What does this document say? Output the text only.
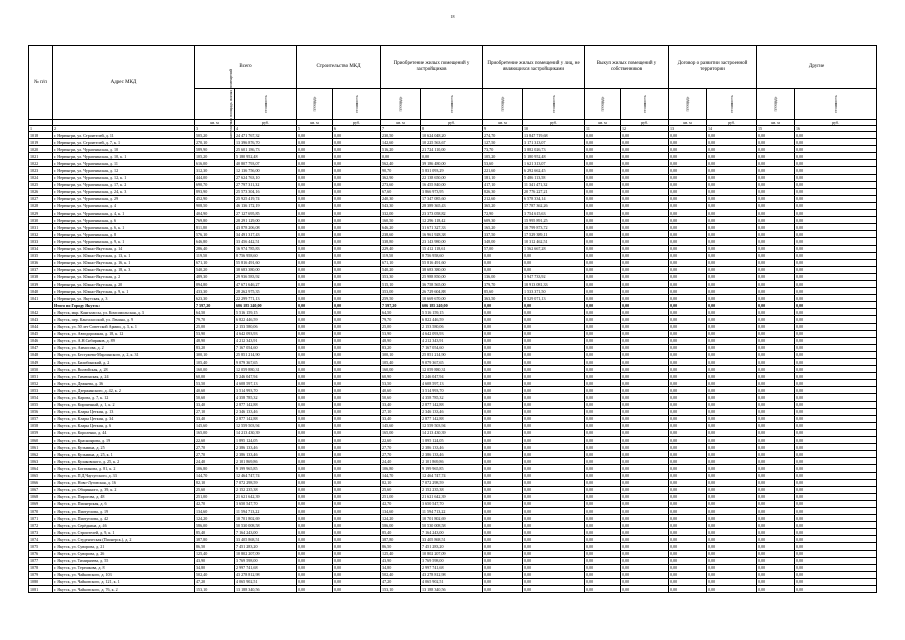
18
№ п/п	Адрес МКД	Всего		Строительство МКД		Приобретение жилых помещений у застройщиков		Приобретение жилых помещений у лиц, не являющихся застройщиками		Выкуп жилых помещений у собственников		Договор о развитии застроенной территории		Другие	
		расселяемая площадь жилых помещений	стоимость	площадь	стоимость	площадь	стоимость	площадь	стоимость	площадь	стоимость	площадь	стоимость	площадь	стоимость
		кв. м	руб.	кв. м	руб.	кв. м	руб.	кв. м	руб.	кв. м	руб.	кв. м	руб.	кв. м	руб.
1	2	3	4	5	6	7	8	9	10	11	12	13	14	15	16
1018	г. Нерюнгри, ул. Строителей, д. 11	505,20	24 471 767,32	0,00	0,00	230,50	10 624 048,20	274,70	13 847 719,68	0,00	0,00	0,00	0,00	0,00	0,00
1019	г. Нерюнгри, ул. Строителей, д. 7, к. 1	270,10	13 396 876,70	0,00	0,00	142,60	10 225 563,67	127,50	3 171 313,07	0,00	0,00	0,00	0,00	0,00	0,00
1020	г. Нерюнгри, ул. Чурапчинская, д. 10	589,90	25 601 186,73	0,00	0,00	516,20	21 724 110,00	73,70	3 882 026,73	0,00	0,00	0,00	0,00	0,00	0,00
1021	г. Нерюнгри, ул. Чурапчинская, д. 10, к. 1	105,20	5 180 952,48	0,00	0,00	0,00	0,00	105,20	5 180 952,48	0,00	0,00	0,00	0,00	0,00	0,00
1022	г. Нерюнгри, ул. Чурапчинская, д. 11	616,00	40 807 793,07	0,00	0,00	562,40	39 186 480,00	53,60	1 621 313,07	0,00	0,00	0,00	0,00	0,00	0,00
1023	г. Нерюнгри, ул. Чурапчинская, д. 12	312,30	12 136 756,00	0,00	0,00	90,70	5 831 093,29	221,60	6 292 662,45	0,00	0,00	0,00	0,00	0,00	0,00
1024	г. Нерюнгри, ул. Чурапчинская, д. 12, к. 1	444,00	27 624 763,10	0,00	0,00	362,90	22 138 650,00	181,10	5 486 113,58	0,00	0,00	0,00	0,00	0,00	0,00
1025	г. Нерюнгри, ул. Чурапчинская, д. 17, к. 2	690,70	27 797 311,32	0,00	0,00	273,60	16 455 840,00	417,10	11 341 471,32	0,00	0,00	0,00	0,00	0,00	0,00
1026	г. Нерюнгри, ул. Чурапчинская, д. 24, к. 3	893,90	25 573 304,16	0,00	0,00	67,60	3 866 973,95	826,30	20 776 227,21	0,00	0,00	0,00	0,00	0,00	0,00
1027	г. Нерюнгри, ул. Чурапчинская, д. 29	452,90	25 925 419,74	0,00	0,00	240,30	17 347 085,60	212,60	6 578 334,14	0,00	0,00	0,00	0,00	0,00	0,00
1028	г. Нерюнгри, ул. Чурапчинская, д. 4	908,50	46 136 172,19	0,00	0,00	543,30	28 389 365,43	365,20	17 787 362,26	0,00	0,00	0,00	0,00	0,00	0,00
1029	г. Нерюнгри, ул. Чурапчинская, д. 4, к. 1	404,90	27 127 695,85	0,00	0,00	332,00	23 373 058,82	72,90	3 754 615,63	0,00	0,00	0,00	0,00	0,00	0,00
1030	г. Нерюнгри, ул. Чурапчинская, д. 6	769,80	28 291 129,00	0,00	0,00	160,50	12 296 118,42	609,30	15 995 891,25	0,00	0,00	0,00	0,00	0,00	0,00
1031	г. Нерюнгри, ул. Чурапчинская, д. 6, к. 1	811,80	43 878 206,08	0,00	0,00	646,20	31 671 327,33	165,20	10 799 873,72	0,00	0,00	0,00	0,00	0,00	0,00
1032	г. Нерюнгри, ул. Чурапчинская, д. 8	576,10	34 491 317,43	0,00	0,00	238,60	16 961 928,38	337,50	17 529 389,11	0,00	0,00	0,00	0,00	0,00	0,00
1033	г. Нерюнгри, ул. Чурапчинская, д. 9, к. 1	646,80	33 456 442,51	0,00	0,00	338,80	23 143 980,00	348,00	10 312 462,51	0,00	0,00	0,00	0,00	0,00	0,00
1034	г. Нерюнгри, ул. Южно-Якутская, д. 14	286,40	16 974 785,83	0,00	0,00	229,40	15 412 118,61	57,00	1 562 667,28	0,00	0,00	0,00	0,00	0,00	0,00
1035	г. Нерюнгри, ул. Южно-Якутская, д. 13, к. 1	119,50	8 756 958,60	0,00	0,00	119,50	8 756 958,60	0,00	0,00	0,00	0,00	0,00	0,00	0,00	0,00
1036	г. Нерюнгри, ул. Южно-Якутская, д. 16, к. 1	671,10	55 816 491,60	0,00	0,00	671,10	55 816 491,60	0,00	0,00	0,00	0,00	0,00	0,00	0,00	0,00
1037	г. Нерюнгри, ул. Южно-Якутская, д. 18, к. 3	540,20	38 683 380,00	0,00	0,00	540,20	38 683 380,00	0,00	0,00	0,00	0,00	0,00	0,00	0,00	0,00
1038	г. Нерюнгри, ул. Южно-Якутская, д. 2	489,30	29 936 583,92	0,00	0,00	353,30	25 988 850,00	136,00	3 947 733,92	0,00	0,00	0,00	0,00	0,00	0,00
1039	г. Нерюнгри, ул. Южно-Якутская, д. 20	894,80	47 671 646,27	0,00	0,00	515,10	36 758 565,00	379,70	10 913 081,33	0,00	0,00	0,00	0,00	0,00	0,00
1040	г. Нерюнгри, ул. Южно-Якутская, д. 9, к. 1	433,30	28 262 975,35	0,00	0,00	353,00	26 729 604,88	85,60	1 533 371,50	0,00	0,00	0,00	0,00	0,00	0,00
1041	г. Нерюнгри, ул. Якутская, д. 3	623,30	22 299 771,13	0,00	0,00	259,50	10 669 670,00	363,50	8 529 071,13	0,00	0,00	0,00	0,00	0,00	0,00
	Итого по Городу Якутск:	7 597,20	606 185 240,00	0,00	0,00	7 597,20	606 185 240,00	0,00	0,00	0,00	0,00	0,00	0,00	0,00	0,00
1042	г. Якутск, мкр. Кангаласcы, ул. Комсомольская, д. 3	64,50	5 516 159,15	0,00	0,00	64,50	5 516 159,15	0,00	0,00	0,00	0,00	0,00	0,00	0,00	0,00
1043	г. Якутск, пер. Кангаласский, ул. Ленина, д. 9	79,70	6 822 446,59	0,00	0,00	79,70	6 822 446,59	0,00	0,00	0,00	0,00	0,00	0,00	0,00	0,00
1044	г. Якутск, ул. 50 лет Советской Армии, д. 3, к. 1	25,00	2 153 580,06	0,00	0,00	25,00	2 153 580,06	0,00	0,00	0,00	0,00	0,00	0,00	0,00	0,00
1045	г. Якутск, ул. Автодорожная, д. 18, к. 12	53,90	4 642 093,93	0,00	0,00	53,90	4 642 093,93	0,00	0,00	0,00	0,00	0,00	0,00	0,00	0,00
1046	г. Якутск, ул. А.Н.Сибиряков, д. 89	48,90	4 212 343,91	0,00	0,00	48,90	4 212 343,91	0,00	0,00	0,00	0,00	0,00	0,00	0,00	0,00
1047	г. Якутск, ул. Аммосова, д. 2	83,20	7 167 054,60	0,00	0,00	83,20	7 167 054,60	0,00	0,00	0,00	0,00	0,00	0,00	0,00	0,00
1048	г. Якутск, ул. Бестужева-Марлинского, д. 2, к. 31	300,10	25 851 214,90	0,00	0,00	300,10	25 851 214,90	0,00	0,00	0,00	0,00	0,00	0,00	0,00	0,00
1049	г. Якутск, ул. Билибинский, д. 2	105,40	9 079 367,65	0,00	0,00	105,40	9 079 367,65	0,00	0,00	0,00	0,00	0,00	0,00	0,00	0,00
1050	г. Якутск, ул. Вилюйская, д. 28	160,00	12 059 880,31	0,00	0,00	160,00	12 059 880,31	0,00	0,00	0,00	0,00	0,00	0,00	0,00	0,00
1051	г. Якутск, ул. Гимеинская, д. 24	60,00	5 246 047,94	0,00	0,00	60,90	5 246 047,94	0,00	0,00	0,00	0,00	0,00	0,00	0,00	0,00
1052	г. Якутск, ул. Дежнева, д. 36	53,50	4 608 597,13	0,00	0,00	53,50	4 608 597,13	0,00	0,00	0,00	0,00	0,00	0,00	0,00	0,00
1053	г. Якутск, ул. Дзержинского, д. 42, к. 2	40,60	3 514 993,70	0,00	0,00	40,60	3 514 993,70	0,00	0,00	0,00	0,00	0,00	0,00	0,00	0,00
1054	г. Якутск, ул. Карова, д. 7, к. 12	50,60	4 358 785,32	0,00	0,00	50,60	4 358 785,32	0,00	0,00	0,00	0,00	0,00	0,00	0,00	0,00
1055	г. Якутск, ул. Кирпичный, д. 1, к. 2	33,40	2 877 142,88	0,00	0,00	33,40	2 877 142,88	0,00	0,00	0,00	0,00	0,00	0,00	0,00	0,00
1056	г. Якутск, ул. Клары Цеткин, д. 13	27,10	2 346 133,46	0,00	0,00	27,10	2 346 133,46	0,00	0,00	0,00	0,00	0,00	0,00	0,00	0,00
1057	г. Якутск, ул. Клары Цеткин, д. 34	33,40	2 877 142,88	0,00	0,00	33,40	2 877 142,88	0,00	0,00	0,00	0,00	0,00	0,00	0,00	0,00
1058	г. Якутск, ул. Клары Цеткин, д. 6	145,60	12 559 503,94	0,00	0,00	145,60	12 559 503,94	0,00	0,00	0,00	0,00	0,00	0,00	0,00	0,00
1059	г. Якутск, ул. Короленко, д. 44	165,00	14 213 430,39	0,00	0,00	165,00	14 213 430,39	0,00	0,00	0,00	0,00	0,00	0,00	0,00	0,00
1060	г. Якутск, ул. Красноярова, д. 19	22,60	1 895 124,05	0,00	0,00	22,60	1 895 124,05	0,00	0,00	0,00	0,00	0,00	0,00	0,00	0,00
1061	г. Якутск, ул. Кузьмина, д. 25	27,70	2 386 133,46	0,00	0,00	27,70	2 386 133,46	0,00	0,00	0,00	0,00	0,00	0,00	0,00	0,00
1062	г. Якутск, ул. Кузьмина, д. 25, к. 1	27,70	2 386 133,46	0,00	0,00	27,70	2 386 133,46	0,00	0,00	0,00	0,00	0,00	0,00	0,00	0,00
1063	г. Якутск, ул. Кулаковского, д. 25, к. 2	24,40	2 101 869,86	0,00	0,00	24,40	2 101 869,86	0,00	0,00	0,00	0,00	0,00	0,00	0,00	0,00
1064	г. Якутск, ул. Богатанова, д. 81, к. 2	106,80	9 199 965,85	0,00	0,00	106,80	9 199 965,85	0,00	0,00	0,00	0,00	0,00	0,00	0,00	0,00
1065	г. Якутск, ул. П.Д.Чаусугского, д. 33	144,70	12 464 747,74	0,00	0,00	144,70	12 464 747,74	0,00	0,00	0,00	0,00	0,00	0,00	0,00	0,00
1066	г. Якутск, ул. Ново-Луговская, д. 16	82,10	7 072 298,59	0,00	0,00	82,10	7 072 298,59	0,00	0,00	0,00	0,00	0,00	0,00	0,00	0,00
1067	г. Якутск, ул. Общинного, д. 39, к. 2	25,60	2 152 235,38	0,00	0,00	25,60	2 152 235,38	0,00	0,00	0,00	0,00	0,00	0,00	0,00	0,00
1068	г. Якутск, ул. Пирогова, д. 48	251,00	21 621 642,39	0,00	0,00	251,00	21 621 642,39	0,00	0,00	0,00	0,00	0,00	0,00	0,00	0,00
1069	г. Якутск, ул. Пионерская, д. 6	42,70	3 650 547,70	0,00	0,00	42,70	3 650 547,70	0,00	0,00	0,00	0,00	0,00	0,00	0,00	0,00
1070	г. Якутск, ул. Пиотуглова, д. 19	134,60	11 594 713,22	0,00	0,00	134,60	11 594 713,22	0,00	0,00	0,00	0,00	0,00	0,00	0,00	0,00
1071	г. Якутск, ул. Пиотуглова, д. 42	124,20	10 701 802,69	0,00	0,00	124,20	10 701 802,69	0,00	0,00	0,00	0,00	0,00	0,00	0,00	0,00
1072	г. Якутск, ул. Серёдкина, д. 46	586,00	50 530 008,58	0,00	0,00	586,00	50 530 008,58	0,00	0,00	0,00	0,00	0,00	0,00	0,00	0,00
1073	г. Якутск, ул. Строителей, д. 9, к. 1	85,40	7 164 243,00	0,00	0,00	85,40	7 164 243,00	0,00	0,00	0,00	0,00	0,00	0,00	0,00	0,00
1074	г. Якутск, ул. Студенческая (Пионерск.), д. 2	387,80	33 405 868,51	0,00	0,00	387,80	33 405 868,51	0,00	0,00	0,00	0,00	0,00	0,00	0,00	0,00
1075	г. Якутск, ул. Суворова, д. 21	86,50	7 451 283,20	0,00	0,00	86,50	7 451 283,20	0,00	0,00	0,00	0,00	0,00	0,00	0,00	0,00
1076	г. Якутск, ул. Суворова, д. 26	125,40	10 802 207,09	0,00	0,00	125,40	10 802 207,09	0,00	0,00	0,00	0,00	0,00	0,00	0,00	0,00
1077	г. Якутск, ул. Тимирязева, д. 55	43,90	3 769 598,00	0,00	0,00	43,90	3 769 598,00	0,00	0,00	0,00	0,00	0,00	0,00	0,00	0,00
1078	г. Якутск, ул. Терешкова, д. 8	34,80	2 997 741,68	0,00	0,00	34,80	2 997 741,68	0,00	0,00	0,00	0,00	0,00	0,00	0,00	0,00
1079	г. Якутск, ул. Чайковского, д. 103	502,40	43 278 812,98	0,00	0,00	502,40	43 278 812,98	0,00	0,00	0,00	0,00	0,00	0,00	0,00	0,00
1080	г. Якутск, ул. Чайковского, д. 121, к. 1	47,20	4 065 902,51	0,00	0,00	47,20	4 065 902,51	0,00	0,00	0,00	0,00	0,00	0,00	0,00	0,00
1081	г. Якутск, ул. Чайковского, д. 76, к. 2	153,10	13 188 340,56	0,00	0,00	153,10	13 188 340,56	0,00	0,00	0,00	0,00	0,00	0,00	0,00	0,00
